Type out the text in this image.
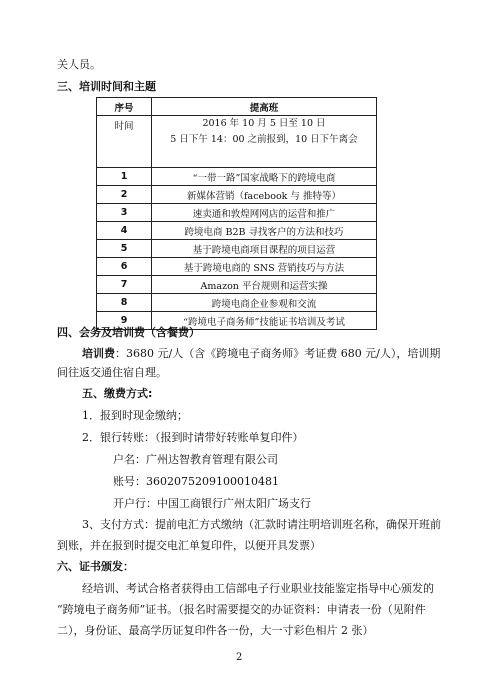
关人员。
三、培训时间和主题
序号	提高班
时间	2016 年 10 月 5 日至 10 日
5 日下午 14：00 之前报到，10 日下午离会

1	“一带一路”国家战略下的跨境电商
2	新媒体营销（facebook 与 推特等）
3	速卖通和敦煌网网店的运营和推广
4	跨境电商 B2B 寻找客户的方法和技巧
5	基于跨境电商项目课程的项目运营
6	基于跨境电商的 SNS 营销技巧与方法
7	Amazon 平台规则和运营实操
8	跨境电商企业参观和交流
9	“跨境电子商务师”技能证书培训及考试
四、会务及培训费（含餐费）
培训费：3680 元/人（含《跨境电子商务师》考证费 680 元/人），培训期
间往返交通住宿自理。
五、缴费方式:
1．报到时现金缴纳；
2．银行转账：（报到时请带好转账单复印件）
户名：广州达智教育管理有限公司
账号：3602075209100010481
开户行：中国工商银行广州太阳广场支行
3、支付方式：提前电汇方式缴纳（汇款时请注明培训班名称，确保开班前
到账，并在报到时提交电汇单复印件，以便开具发票）
六、证书颁发：
经培训、考试合格者获得由工信部电子行业职业技能鉴定指导中心颁发的
“跨境电子商务师”证书。（报名时需要提交的办证资料：申请表一份（见附件
二），身份证、最高学历证复印件各一份，大一寸彩色相片 2 张）
2
